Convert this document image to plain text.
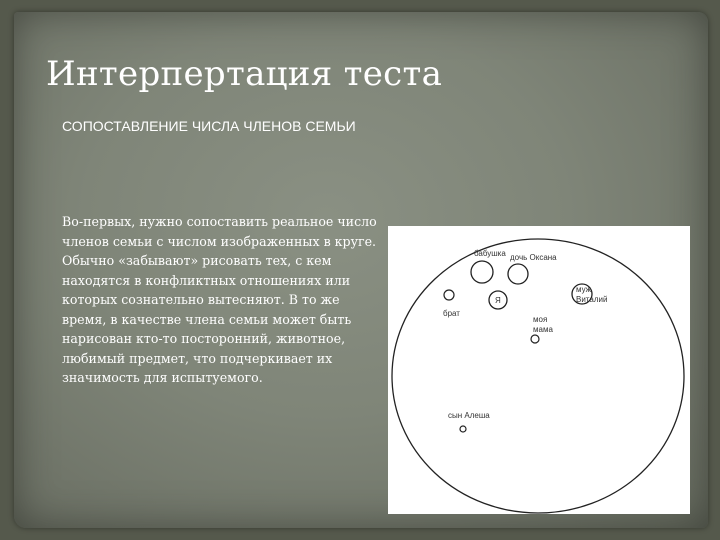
Интерпертация теста

СОПОСТАВЛЕНИЕ ЧИСЛА ЧЛЕНОВ СЕМЬИ

Во-первых, нужно сопоставить реальное число членов семьи с числом изображенных в круге. Обычно «забывают» рисовать тех, с кем находятся в конфликтных отношениях или которых сознательно вытесняют. В то же время, в качестве члена семьи может быть нарисован кто-то посторонний, животное, любимый предмет, что подчеркивает их значимость для испытуемого.

бабушка дочь Оксана
муж
Виталий
Я
брат
моя
мама
сын Алеша
